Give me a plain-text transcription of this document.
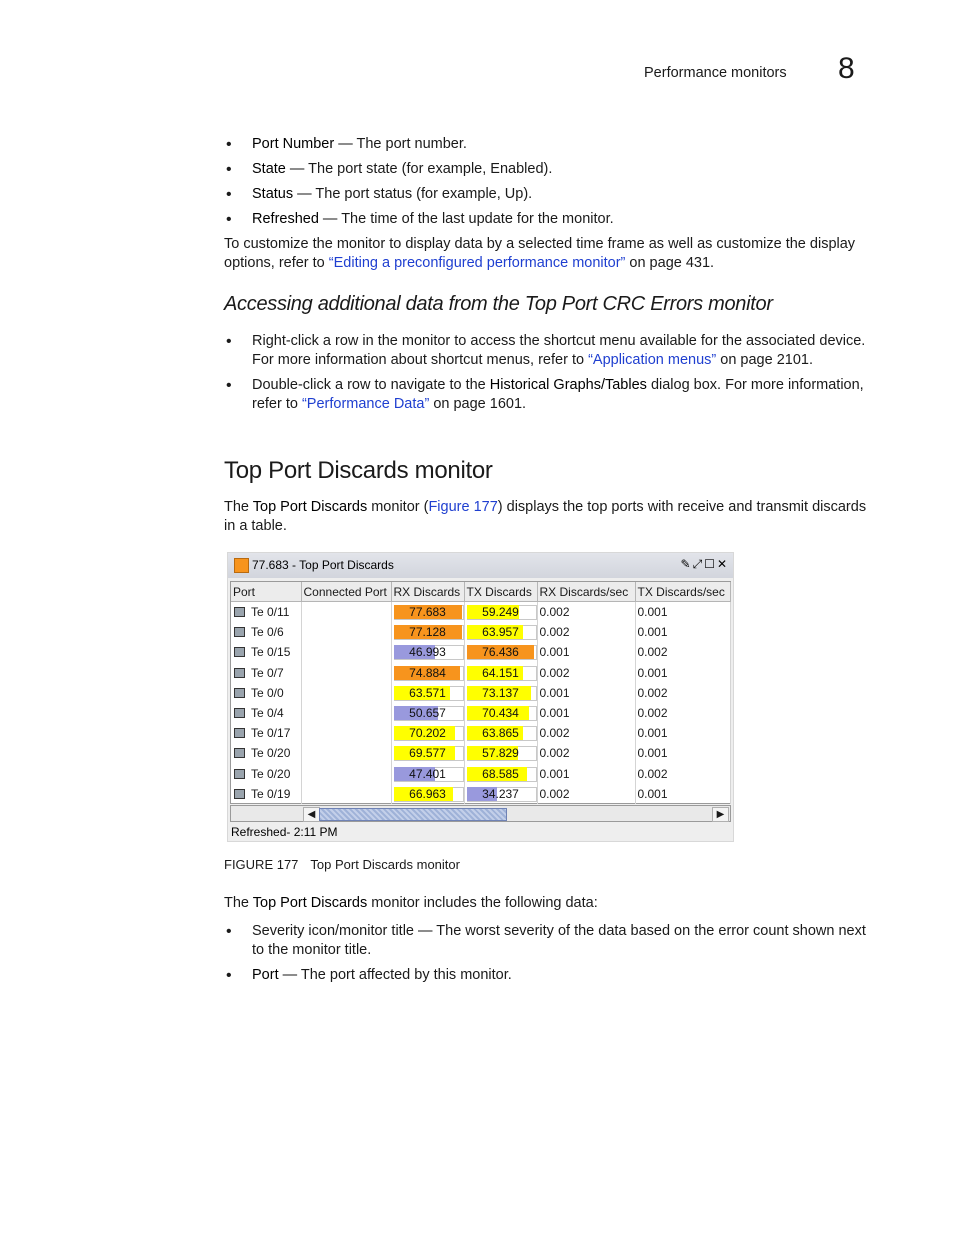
Performance monitors 8
• Port Number — The port number.
• State — The port state (for example, Enabled).
• Status — The port status (for example, Up).
• Refreshed — The time of the last update for the monitor.
To customize the monitor to display data by a selected time frame as well as customize the display options, refer to “Editing a preconfigured performance monitor” on page 431.
Accessing additional data from the Top Port CRC Errors monitor
• Right-click a row in the monitor to access the shortcut menu available for the associated device. For more information about shortcut menus, refer to “Application menus” on page 2101.
• Double-click a row to navigate to the Historical Graphs/Tables dialog box. For more information, refer to “Performance Data” on page 1601.
Top Port Discards monitor
The Top Port Discards monitor (Figure 177) displays the top ports with receive and transmit discards in a table.
77.683 - Top Port Discards	✎⤢☐✕
Port	Connected Port	RX Discards	TX Discards	RX Discards/sec	TX Discards/sec
Te 0/11		77.683	59.249	0.002	0.001
Te 0/6		77.128	63.957	0.002	0.001
Te 0/15		46.993	76.436	0.001	0.002
Te 0/7		74.884	64.151	0.002	0.001
Te 0/0		63.571	73.137	0.001	0.002
Te 0/4		50.657	70.434	0.001	0.002
Te 0/17		70.202	63.865	0.002	0.001
Te 0/20		69.577	57.829	0.002	0.001
Te 0/20		47.401	68.585	0.001	0.002
Te 0/19		66.963	34.237	0.002	0.001
◀	▶
Refreshed- 2:11 PM
FIGURE 177 Top Port Discards monitor
The Top Port Discards monitor includes the following data:
• Severity icon/monitor title — The worst severity of the data based on the error count shown next to the monitor title.
• Port — The port affected by this monitor.
